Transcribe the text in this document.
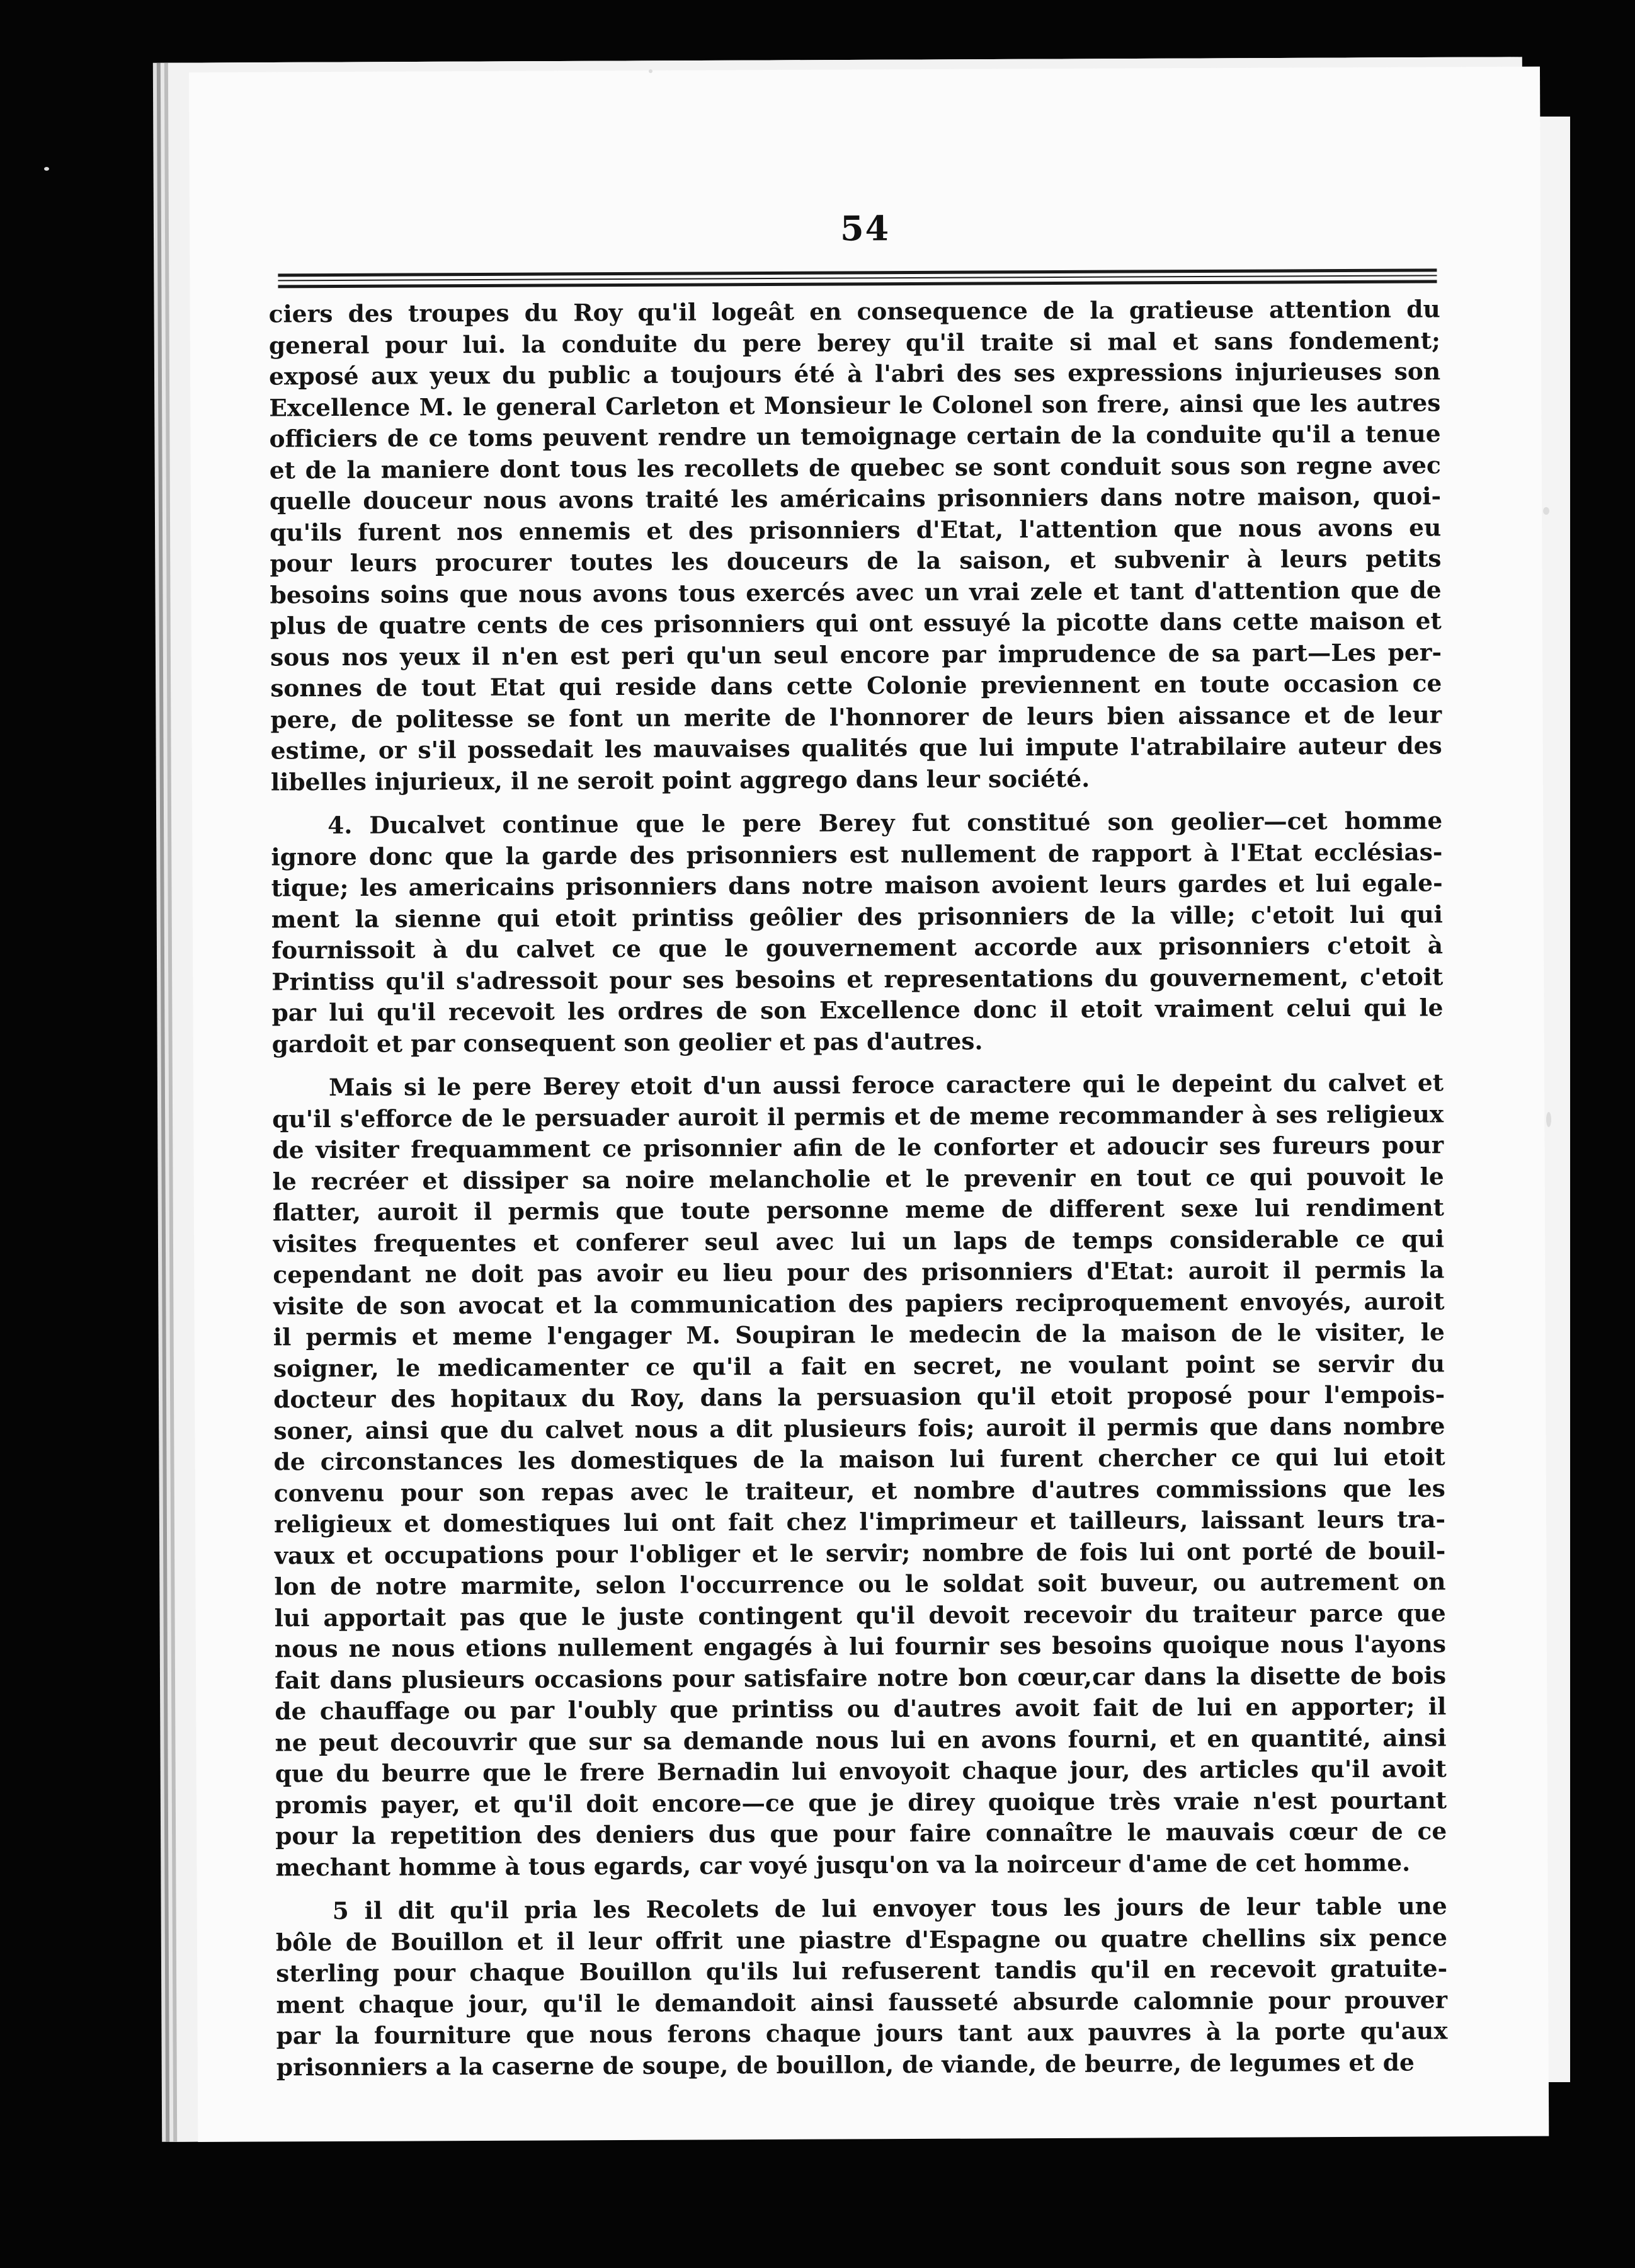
54
ciers des troupes du Roy qu'il logeât en consequence de la gratieuse attention du
general pour lui. la conduite du pere berey qu'il traite si mal et sans fondement;
exposé aux yeux du public a toujours été à l'abri des ses expressions injurieuses son
Excellence M. le general Carleton et Monsieur le Colonel son frere, ainsi que les autres
officiers de ce toms peuvent rendre un temoignage certain de la conduite qu'il a tenue
et de la maniere dont tous les recollets de quebec se sont conduit sous son regne avec
quelle douceur nous avons traité les américains prisonniers dans notre maison, quoi-
qu'ils furent nos ennemis et des prisonniers d'Etat, l'attention que nous avons eu
pour leurs procurer toutes les douceurs de la saison, et subvenir à leurs petits
besoins soins que nous avons tous exercés avec un vrai zele et tant d'attention que de
plus de quatre cents de ces prisonniers qui ont essuyé la picotte dans cette maison et
sous nos yeux il n'en est peri qu'un seul encore par imprudence de sa part—Les per-
sonnes de tout Etat qui reside dans cette Colonie previennent en toute occasion ce
pere, de politesse se font un merite de l'honnorer de leurs bien aissance et de leur
estime, or s'il possedait les mauvaises qualités que lui impute l'atrabilaire auteur des
libelles injurieux, il ne seroit point aggrego dans leur société.
4. Ducalvet continue que le pere Berey fut constitué son geolier—cet homme
ignore donc que la garde des prisonniers est nullement de rapport à l'Etat ecclésias-
tique; les americains prisonniers dans notre maison avoient leurs gardes et lui egale-
ment la sienne qui etoit printiss geôlier des prisonniers de la ville; c'etoit lui qui
fournissoit à du calvet ce que le gouvernement accorde aux prisonniers c'etoit à
Printiss qu'il s'adressoit pour ses besoins et representations du gouvernement, c'etoit
par lui qu'il recevoit les ordres de son Excellence donc il etoit vraiment celui qui le
gardoit et par consequent son geolier et pas d'autres.
Mais si le pere Berey etoit d'un aussi feroce caractere qui le depeint du calvet et
qu'il s'efforce de le persuader auroit il permis et de meme recommander à ses religieux
de visiter frequamment ce prisonnier afin de le conforter et adoucir ses fureurs pour
le recréer et dissiper sa noire melancholie et le prevenir en tout ce qui pouvoit le
flatter, auroit il permis que toute personne meme de different sexe lui rendiment
visites frequentes et conferer seul avec lui un laps de temps considerable ce qui
cependant ne doit pas avoir eu lieu pour des prisonniers d'Etat: auroit il permis la
visite de son avocat et la communication des papiers reciproquement envoyés, auroit
il permis et meme l'engager M. Soupiran le medecin de la maison de le visiter, le
soigner, le medicamenter ce qu'il a fait en secret, ne voulant point se servir du
docteur des hopitaux du Roy, dans la persuasion qu'il etoit proposé pour l'empois-
soner, ainsi que du calvet nous a dit plusieurs fois; auroit il permis que dans nombre
de circonstances les domestiques de la maison lui furent chercher ce qui lui etoit
convenu pour son repas avec le traiteur, et nombre d'autres commissions que les
religieux et domestiques lui ont fait chez l'imprimeur et tailleurs, laissant leurs tra-
vaux et occupations pour l'obliger et le servir; nombre de fois lui ont porté de bouil-
lon de notre marmite, selon l'occurrence ou le soldat soit buveur, ou autrement on
lui apportait pas que le juste contingent qu'il devoit recevoir du traiteur parce que
nous ne nous etions nullement engagés à lui fournir ses besoins quoique nous l'ayons
fait dans plusieurs occasions pour satisfaire notre bon cœur,car dans la disette de bois
de chauffage ou par l'oubly que printiss ou d'autres avoit fait de lui en apporter; il
ne peut decouvrir que sur sa demande nous lui en avons fourni, et en quantité, ainsi
que du beurre que le frere Bernadin lui envoyoit chaque jour, des articles qu'il avoit
promis payer, et qu'il doit encore—ce que je direy quoique très vraie n'est pourtant
pour la repetition des deniers dus que pour faire connaître le mauvais cœur de ce
mechant homme à tous egards, car voyé jusqu'on va la noirceur d'ame de cet homme.
5 il dit qu'il pria les Recolets de lui envoyer tous les jours de leur table une
bôle de Bouillon et il leur offrit une piastre d'Espagne ou quatre chellins six pence
sterling pour chaque Bouillon qu'ils lui refuserent tandis qu'il en recevoit gratuite-
ment chaque jour, qu'il le demandoit ainsi fausseté absurde calomnie pour prouver
par la fourniture que nous ferons chaque jours tant aux pauvres à la porte qu'aux
prisonniers a la caserne de soupe, de bouillon, de viande, de beurre, de legumes et de
